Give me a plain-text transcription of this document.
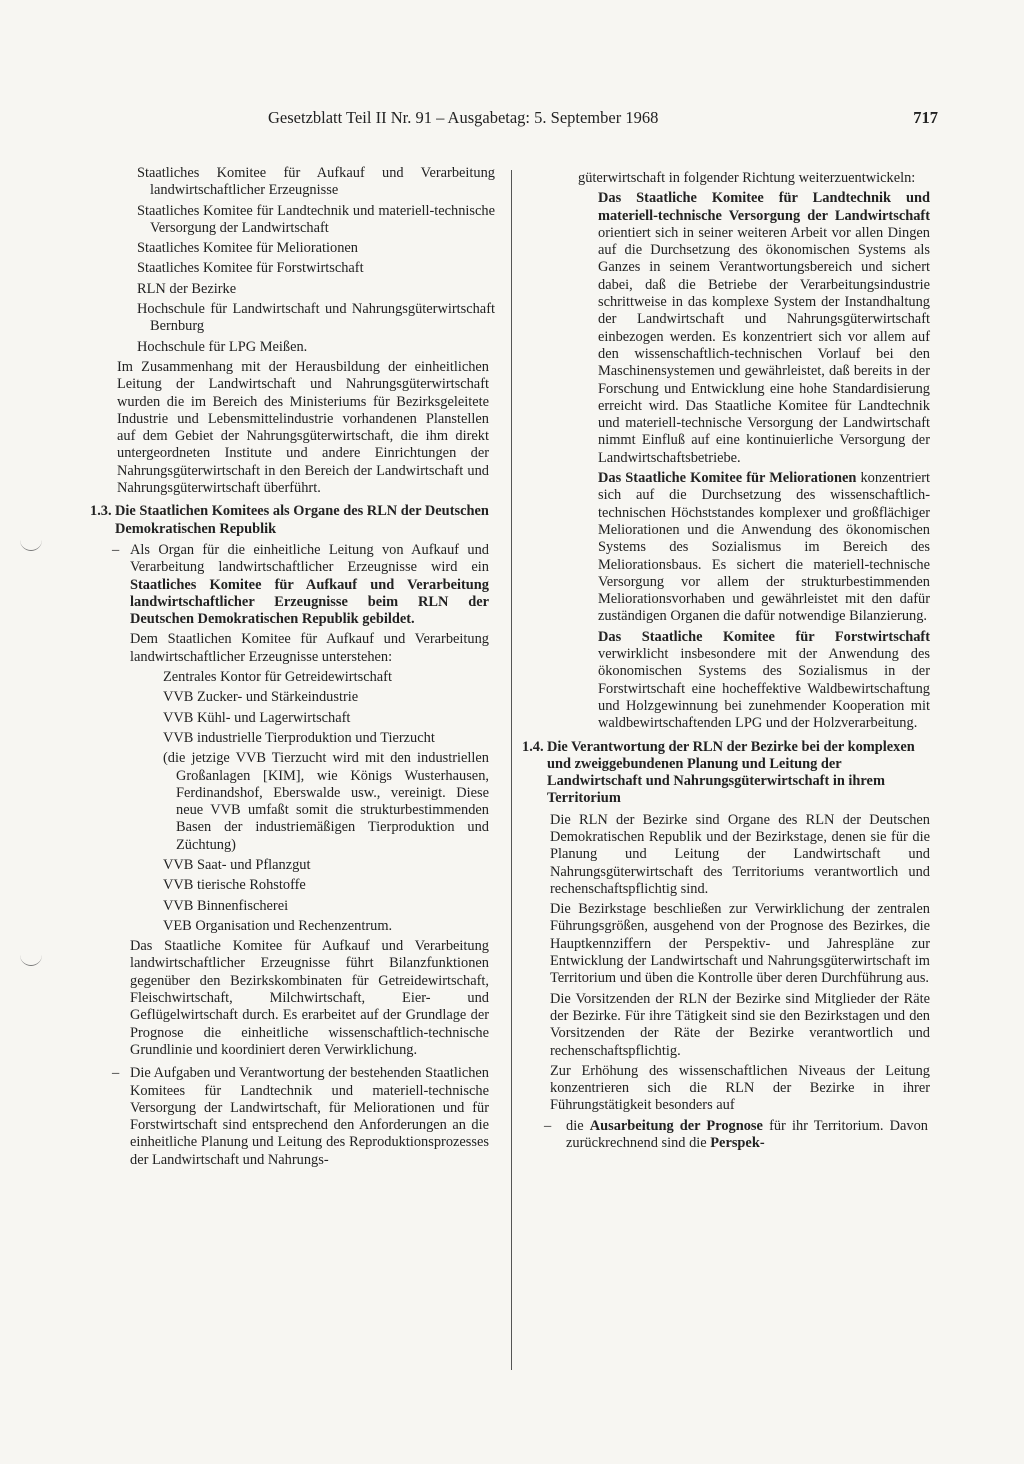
Gesetzblatt Teil II Nr. 91 – Ausgabetag: 5. September 1968	717

Staatliches Komitee für Aufkauf und Verarbeitung landwirtschaftlicher Erzeugnisse

Staatliches Komitee für Landtechnik und materiell-technische Versorgung der Landwirtschaft

Staatliches Komitee für Meliorationen

Staatliches Komitee für Forstwirtschaft

RLN der Bezirke

Hochschule für Landwirtschaft und Nahrungsgüterwirtschaft Bernburg

Hochschule für LPG Meißen.

Im Zusammenhang mit der Herausbildung der einheitlichen Leitung der Landwirtschaft und Nahrungsgüterwirtschaft wurden die im Bereich des Ministeriums für Bezirksgeleitete Industrie und Lebensmittelindustrie vorhandenen Planstellen auf dem Gebiet der Nahrungsgüterwirtschaft, die ihm direkt untergeordneten Institute und andere Einrichtungen der Nahrungsgüterwirtschaft in den Bereich der Landwirtschaft und Nahrungsgüterwirtschaft überführt.

1.3. Die Staatlichen Komitees als Organe des RLN der Deutschen Demokratischen Republik
– Als Organ für die einheitliche Leitung von Aufkauf und Verarbeitung landwirtschaftlicher Erzeugnisse wird ein Staatliches Komitee für Aufkauf und Verarbeitung landwirtschaftlicher Erzeugnisse beim RLN der Deutschen Demokratischen Republik gebildet.

Dem Staatlichen Komitee für Aufkauf und Verarbeitung landwirtschaftlicher Erzeugnisse unterstehen:

Zentrales Kontor für Getreidewirtschaft

VVB Zucker- und Stärkeindustrie

VVB Kühl- und Lagerwirtschaft

VVB industrielle Tierproduktion und Tierzucht

(die jetzige VVB Tierzucht wird mit den industriellen Großanlagen [KIM], wie Königs Wusterhausen, Ferdinandshof, Eberswalde usw., vereinigt. Diese neue VVB umfaßt somit die strukturbestimmenden Basen der industriemäßigen Tierproduktion und Züchtung)

VVB Saat- und Pflanzgut

VVB tierische Rohstoffe

VVB Binnenfischerei

VEB Organisation und Rechenzentrum.

Das Staatliche Komitee für Aufkauf und Verarbeitung landwirtschaftlicher Erzeugnisse führt Bilanzfunktionen gegenüber den Bezirkskombinaten für Getreidewirtschaft, Fleischwirtschaft, Milchwirtschaft, Eier- und Geflügelwirtschaft durch. Es erarbeitet auf der Grundlage der Prognose die einheitliche wissenschaftlich-technische Grundlinie und koordiniert deren Verwirklichung.

– Die Aufgaben und Verantwortung der bestehenden Staatlichen Komitees für Landtechnik und materiell-technische Versorgung der Landwirtschaft, für Meliorationen und für Forstwirtschaft sind entsprechend den Anforderungen an die einheitliche Planung und Leitung des Reproduktionsprozesses der Landwirtschaft und Nahrungs-

güterwirtschaft in folgender Richtung weiterzuentwickeln:

Das Staatliche Komitee für Landtechnik und materiell-technische Versorgung der Landwirtschaft orientiert sich in seiner weiteren Arbeit vor allen Dingen auf die Durchsetzung des ökonomischen Systems als Ganzes in seinem Verantwortungsbereich und sichert dabei, daß die Betriebe der Verarbeitungsindustrie schrittweise in das komplexe System der Instandhaltung der Landwirtschaft und Nahrungsgüterwirtschaft einbezogen werden. Es konzentriert sich vor allem auf den wissenschaftlich-technischen Vorlauf bei den Maschinensystemen und gewährleistet, daß bereits in der Forschung und Entwicklung eine hohe Standardisierung erreicht wird. Das Staatliche Komitee für Landtechnik und materiell-technische Versorgung der Landwirtschaft nimmt Einfluß auf eine kontinuierliche Versorgung der Landwirtschaftsbetriebe.

Das Staatliche Komitee für Meliorationen konzentriert sich auf die Durchsetzung des wissenschaftlich-technischen Höchststandes komplexer und großflächiger Meliorationen und die Anwendung des ökonomischen Systems des Sozialismus im Bereich des Meliorationsbaus. Es sichert die materiell-technische Versorgung vor allem der strukturbestimmenden Meliorationsvorhaben und gewährleistet mit den dafür zuständigen Organen die dafür notwendige Bilanzierung.

Das Staatliche Komitee für Forstwirtschaft verwirklicht insbesondere mit der Anwendung des ökonomischen Systems des Sozialismus in der Forstwirtschaft eine hocheffektive Waldbewirtschaftung und Holzgewinnung bei zunehmender Kooperation mit waldbewirtschaftenden LPG und der Holzverarbeitung.

1.4. Die Verantwortung der RLN der Bezirke bei der komplexen und zweiggebundenen Planung und Leitung der Landwirtschaft und Nahrungsgüterwirtschaft in ihrem Territorium

Die RLN der Bezirke sind Organe des RLN der Deutschen Demokratischen Republik und der Bezirkstage, denen sie für die Planung und Leitung der Landwirtschaft und Nahrungsgüterwirtschaft des Territoriums verantwortlich und rechenschaftspflichtig sind.

Die Bezirkstage beschließen zur Verwirklichung der zentralen Führungsgrößen, ausgehend von der Prognose des Bezirkes, die Hauptkennziffern der Perspektiv- und Jahrespläne zur Entwicklung der Landwirtschaft und Nahrungsgüterwirtschaft im Territorium und üben die Kontrolle über deren Durchführung aus.

Die Vorsitzenden der RLN der Bezirke sind Mitglieder der Räte der Bezirke. Für ihre Tätigkeit sind sie den Bezirkstagen und den Vorsitzenden der Räte der Bezirke verantwortlich und rechenschaftspflichtig.

Zur Erhöhung des wissenschaftlichen Niveaus der Leitung konzentrieren sich die RLN der Bezirke in ihrer Führungstätigkeit besonders auf

–	die Ausarbeitung der Prognose für ihr Territorium. Davon zurückrechnend sind die Perspek-
